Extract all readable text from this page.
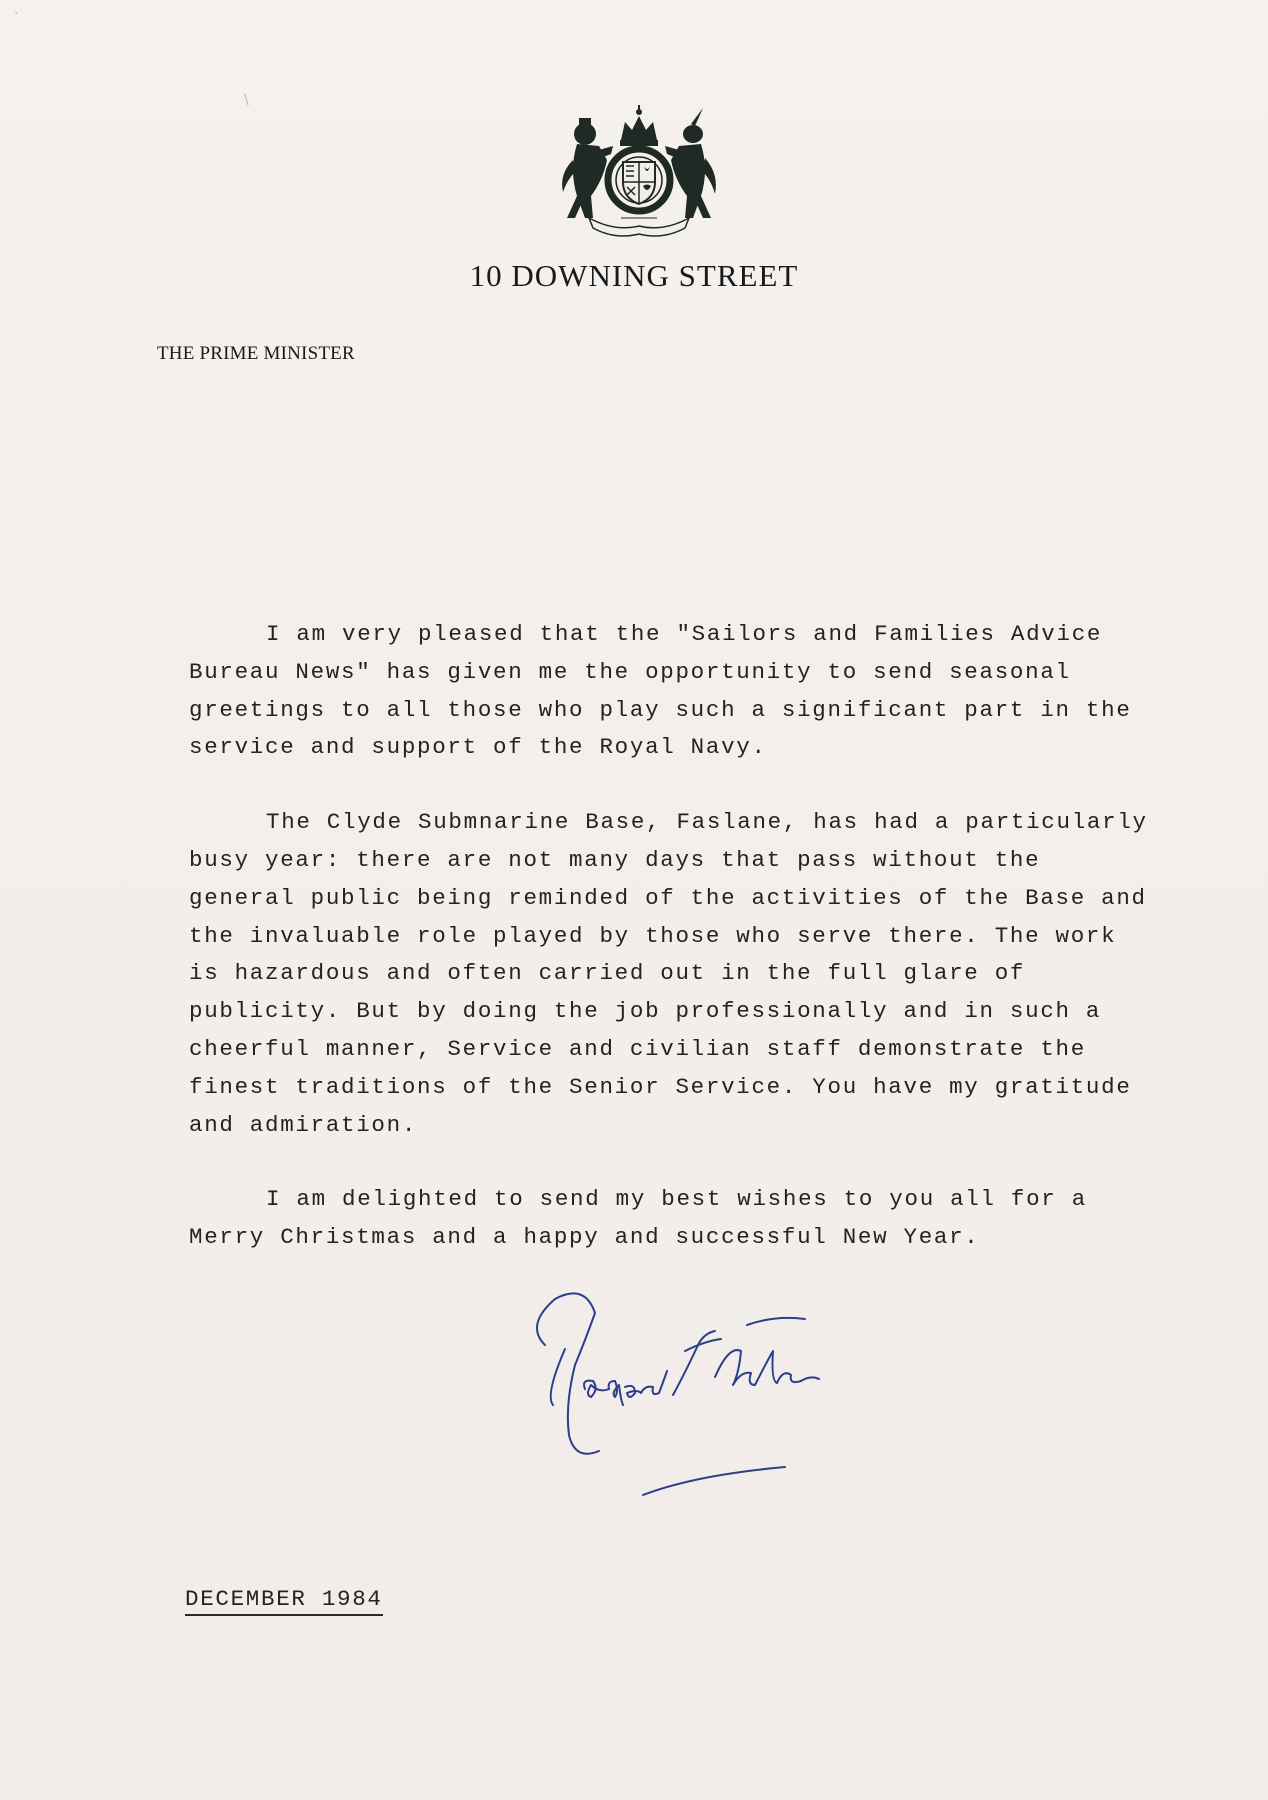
10 DOWNING STREET
THE PRIME MINISTER

I am very pleased that the "Sailors and Families Advice Bureau News" has given me the opportunity to send seasonal greetings to all those who play such a significant part in the service and support of the Royal Navy.

The Clyde Submnarine Base, Faslane, has had a particularly busy year: there are not many days that pass without the general public being reminded of the activities of the Base and the invaluable role played by those who serve there. The work is hazardous and often carried out in the full glare of publicity. But by doing the job professionally and in such a cheerful manner, Service and civilian staff demonstrate the finest traditions of the Senior Service. You have my gratitude and admiration.

I am delighted to send my best wishes to you all for a Merry Christmas and a happy and successful New Year.

DECEMBER 1984
·
\
